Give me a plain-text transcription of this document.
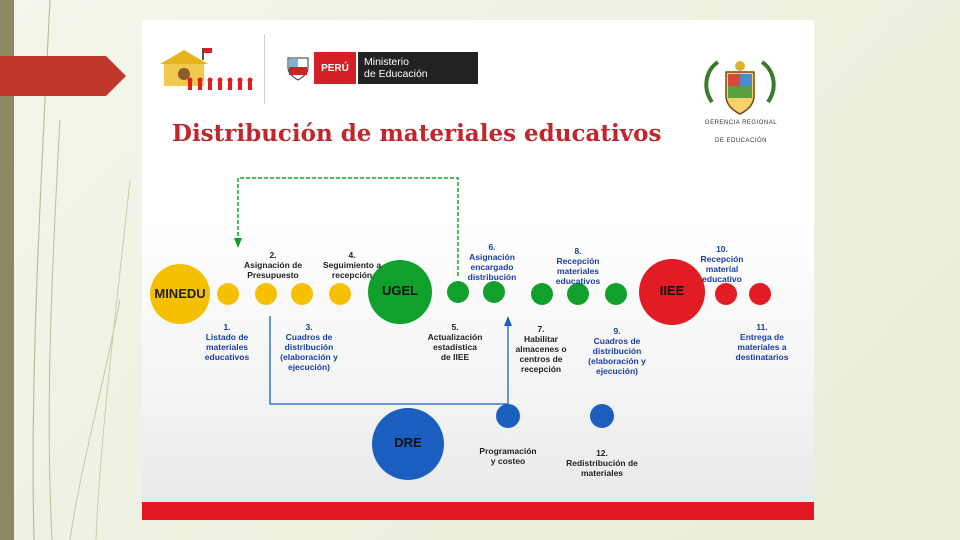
PERÚ	Ministerio
de Educación
GERENCIA REGIONAL
DE EDUCACIÓN
Distribución de materiales educativos
MINEDU	UGEL	IIEE
DRE

1.

Listado de
materiales
educativos

3.

Cuadros de
distribución
(elaboración y
ejecución)

5.

Actualización
estadística
de IIEE

7.

Habilitar
almacenes o
centros de
recepción

9.

Cuadros de
distribución
(elaboración y
ejecución)

11.

Entrega de
materiales a
destinatarios

2.

Asignación de
Presupuesto

4.

Seguimiento a
recepción

6.

Asignación
encargado
distribución

8.

Recepción
materiales
educativos

10.

Recepción
material
educativo

Programación
y costeo

12.

Redistribución de
materiales
